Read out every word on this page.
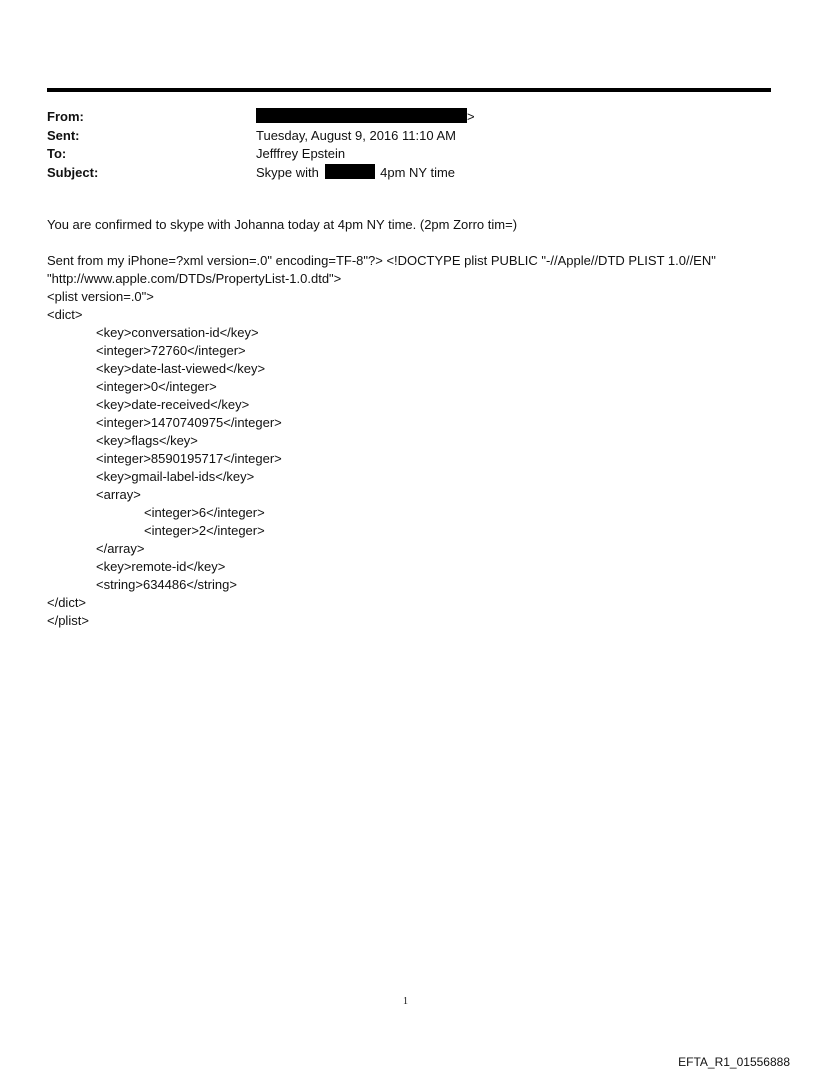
From:	>
Sent:	Tuesday, August 9, 2016 11:10 AM
To:	Jefffrey Epstein
Subject:	Skype with	4pm NY time
You are confirmed to skype with Johanna today at 4pm NY time. (2pm Zorro tim=)
Sent from my iPhone=?xml version=.0" encoding=TF-8"?> <!DOCTYPE plist PUBLIC "-//Apple//DTD PLIST 1.0//EN"
"http://www.apple.com/DTDs/PropertyList-1.0.dtd">
<plist version=.0">
<dict>
<key>conversation-id</key>
<integer>72760</integer>
<key>date-last-viewed</key>
<integer>0</integer>
<key>date-received</key>
<integer>1470740975</integer>
<key>flags</key>
<integer>8590195717</integer>
<key>gmail-label-ids</key>
<array>
<integer>6</integer>
<integer>2</integer>
</array>
<key>remote-id</key>
<string>634486</string>
</dict>
</plist>
1
EFTA_R1_01556888
